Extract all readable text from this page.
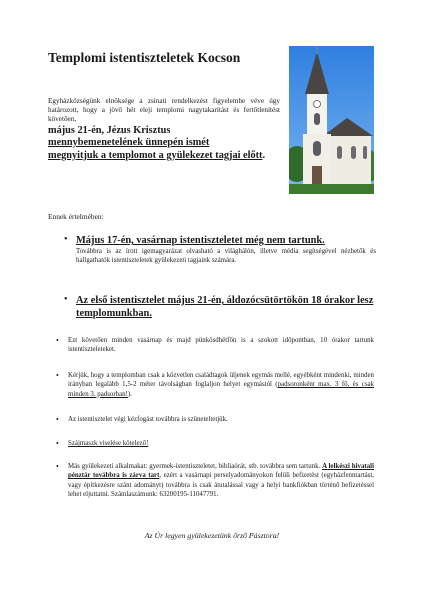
Templomi istentiszteletek Kocson
Egyházközségünk elnöksége a zsinati rendelkezést figyelembe véve úgy határozott, hogy a jövő hét eleji templomi nagytakarítást és fertőtlenítést követően,
május 21-én, Jézus Krisztus
mennybemenetelének ünnepén ismét
megnyitjuk a templomot a gyülekezet tagjai előtt.
Ennek értelmében:
• Május 17-én, vasárnap istentiszteletet még nem tartunk.
Továbbra is az írott igemagyarázat olvasható a világhálón, illetve média segítségével nézhetők és hallgathatók istentiszteletek gyülekezeti tagjaink számára.
• Az első istentisztelet május 21-én, áldozócsütörtökön 18 órakor lesz templomunkban.
• Ezt követően minden vasárnap és majd pünkösdhétfőn is a szokott időpontban, 10 órakor tartunk istentiszteleteket.
• Kérjük, hogy a templomban csak a közvetlen családtagok üljenek egymás mellé, egyébként mindenki, minden irányban legalább 1,5-2 méter távolságban foglaljon helyet egymástól (padsoronként max. 3 fő, és csak minden 3. padsorban!).
• Az istentisztelet végi kézfogást továbbra is szüneteltetjük.
• Szájmaszk viselése kötelező!
• Más gyülekezeti alkalmakat: gyermek-istentiszteletet, bibliaórát, stb. továbbra sem tartunk. A lelkészi hivatali pénztár továbbra is zárva tart, ezért a vasárnapi perselyadományokon felüli befizetést (egyházfenntartást, vagy építkezésre szánt adományt) továbbra is csak átutalással vagy a helyi bankfiókban történő befizetéssel lehet eljuttatni. Számlaszámunk: 63200195-11047791.
Az Úr legyen gyülekezetünk őrző Pásztora!
